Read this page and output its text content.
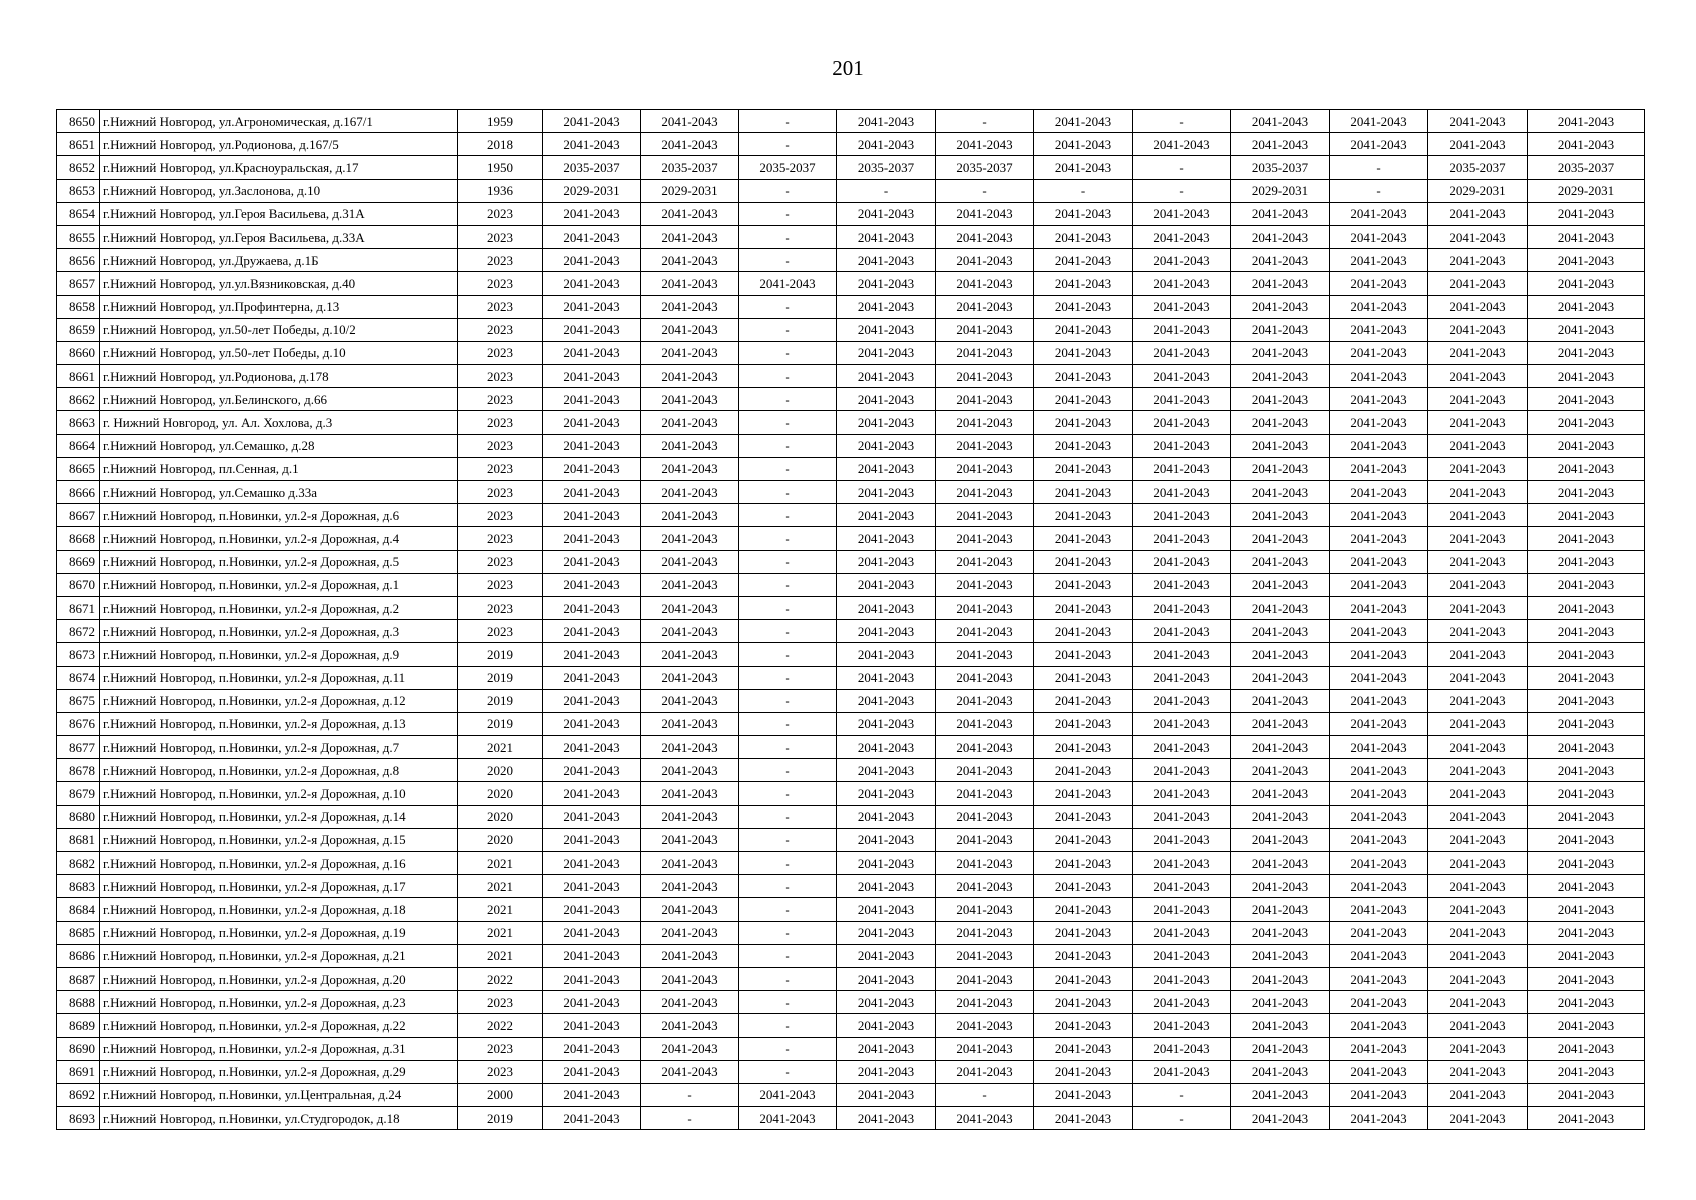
201
8650	г.Нижний Новгород, ул.Агрономическая, д.167/1	1959	2041-2043	2041-2043	-	2041-2043	-	2041-2043	-	2041-2043	2041-2043	2041-2043	2041-2043
8651	г.Нижний Новгород, ул.Родионова, д.167/5	2018	2041-2043	2041-2043	-	2041-2043	2041-2043	2041-2043	2041-2043	2041-2043	2041-2043	2041-2043	2041-2043
8652	г.Нижний Новгород, ул.Красноуральская, д.17	1950	2035-2037	2035-2037	2035-2037	2035-2037	2035-2037	2041-2043	-	2035-2037	-	2035-2037	2035-2037
8653	г.Нижний Новгород, ул.Заслонова, д.10	1936	2029-2031	2029-2031	-	-	-	-	-	2029-2031	-	2029-2031	2029-2031
8654	г.Нижний Новгород, ул.Героя Васильева, д.31А	2023	2041-2043	2041-2043	-	2041-2043	2041-2043	2041-2043	2041-2043	2041-2043	2041-2043	2041-2043	2041-2043
8655	г.Нижний Новгород, ул.Героя Васильева, д.33А	2023	2041-2043	2041-2043	-	2041-2043	2041-2043	2041-2043	2041-2043	2041-2043	2041-2043	2041-2043	2041-2043
8656	г.Нижний Новгород, ул.Дружаева, д.1Б	2023	2041-2043	2041-2043	-	2041-2043	2041-2043	2041-2043	2041-2043	2041-2043	2041-2043	2041-2043	2041-2043
8657	г.Нижний Новгород, ул.ул.Вязниковская, д.40	2023	2041-2043	2041-2043	2041-2043	2041-2043	2041-2043	2041-2043	2041-2043	2041-2043	2041-2043	2041-2043	2041-2043
8658	г.Нижний Новгород, ул.Профинтерна, д.13	2023	2041-2043	2041-2043	-	2041-2043	2041-2043	2041-2043	2041-2043	2041-2043	2041-2043	2041-2043	2041-2043
8659	г.Нижний Новгород, ул.50-лет Победы, д.10/2	2023	2041-2043	2041-2043	-	2041-2043	2041-2043	2041-2043	2041-2043	2041-2043	2041-2043	2041-2043	2041-2043
8660	г.Нижний Новгород, ул.50-лет Победы, д.10	2023	2041-2043	2041-2043	-	2041-2043	2041-2043	2041-2043	2041-2043	2041-2043	2041-2043	2041-2043	2041-2043
8661	г.Нижний Новгород, ул.Родионова, д.178	2023	2041-2043	2041-2043	-	2041-2043	2041-2043	2041-2043	2041-2043	2041-2043	2041-2043	2041-2043	2041-2043
8662	г.Нижний Новгород, ул.Белинского, д.66	2023	2041-2043	2041-2043	-	2041-2043	2041-2043	2041-2043	2041-2043	2041-2043	2041-2043	2041-2043	2041-2043
8663	г. Нижний Новгород, ул. Ал. Хохлова, д.3	2023	2041-2043	2041-2043	-	2041-2043	2041-2043	2041-2043	2041-2043	2041-2043	2041-2043	2041-2043	2041-2043
8664	г.Нижний Новгород, ул.Семашко, д.28	2023	2041-2043	2041-2043	-	2041-2043	2041-2043	2041-2043	2041-2043	2041-2043	2041-2043	2041-2043	2041-2043
8665	г.Нижний Новгород, пл.Сенная, д.1	2023	2041-2043	2041-2043	-	2041-2043	2041-2043	2041-2043	2041-2043	2041-2043	2041-2043	2041-2043	2041-2043
8666	г.Нижний Новгород, ул.Семашко д.33а	2023	2041-2043	2041-2043	-	2041-2043	2041-2043	2041-2043	2041-2043	2041-2043	2041-2043	2041-2043	2041-2043
8667	г.Нижний Новгород, п.Новинки, ул.2-я Дорожная, д.6	2023	2041-2043	2041-2043	-	2041-2043	2041-2043	2041-2043	2041-2043	2041-2043	2041-2043	2041-2043	2041-2043
8668	г.Нижний Новгород, п.Новинки, ул.2-я Дорожная, д.4	2023	2041-2043	2041-2043	-	2041-2043	2041-2043	2041-2043	2041-2043	2041-2043	2041-2043	2041-2043	2041-2043
8669	г.Нижний Новгород, п.Новинки, ул.2-я Дорожная, д.5	2023	2041-2043	2041-2043	-	2041-2043	2041-2043	2041-2043	2041-2043	2041-2043	2041-2043	2041-2043	2041-2043
8670	г.Нижний Новгород, п.Новинки, ул.2-я Дорожная, д.1	2023	2041-2043	2041-2043	-	2041-2043	2041-2043	2041-2043	2041-2043	2041-2043	2041-2043	2041-2043	2041-2043
8671	г.Нижний Новгород, п.Новинки, ул.2-я Дорожная, д.2	2023	2041-2043	2041-2043	-	2041-2043	2041-2043	2041-2043	2041-2043	2041-2043	2041-2043	2041-2043	2041-2043
8672	г.Нижний Новгород, п.Новинки, ул.2-я Дорожная, д.3	2023	2041-2043	2041-2043	-	2041-2043	2041-2043	2041-2043	2041-2043	2041-2043	2041-2043	2041-2043	2041-2043
8673	г.Нижний Новгород, п.Новинки, ул.2-я Дорожная, д.9	2019	2041-2043	2041-2043	-	2041-2043	2041-2043	2041-2043	2041-2043	2041-2043	2041-2043	2041-2043	2041-2043
8674	г.Нижний Новгород, п.Новинки, ул.2-я Дорожная, д.11	2019	2041-2043	2041-2043	-	2041-2043	2041-2043	2041-2043	2041-2043	2041-2043	2041-2043	2041-2043	2041-2043
8675	г.Нижний Новгород, п.Новинки, ул.2-я Дорожная, д.12	2019	2041-2043	2041-2043	-	2041-2043	2041-2043	2041-2043	2041-2043	2041-2043	2041-2043	2041-2043	2041-2043
8676	г.Нижний Новгород, п.Новинки, ул.2-я Дорожная, д.13	2019	2041-2043	2041-2043	-	2041-2043	2041-2043	2041-2043	2041-2043	2041-2043	2041-2043	2041-2043	2041-2043
8677	г.Нижний Новгород, п.Новинки, ул.2-я Дорожная, д.7	2021	2041-2043	2041-2043	-	2041-2043	2041-2043	2041-2043	2041-2043	2041-2043	2041-2043	2041-2043	2041-2043
8678	г.Нижний Новгород, п.Новинки, ул.2-я Дорожная, д.8	2020	2041-2043	2041-2043	-	2041-2043	2041-2043	2041-2043	2041-2043	2041-2043	2041-2043	2041-2043	2041-2043
8679	г.Нижний Новгород, п.Новинки, ул.2-я Дорожная, д.10	2020	2041-2043	2041-2043	-	2041-2043	2041-2043	2041-2043	2041-2043	2041-2043	2041-2043	2041-2043	2041-2043
8680	г.Нижний Новгород, п.Новинки, ул.2-я Дорожная, д.14	2020	2041-2043	2041-2043	-	2041-2043	2041-2043	2041-2043	2041-2043	2041-2043	2041-2043	2041-2043	2041-2043
8681	г.Нижний Новгород, п.Новинки, ул.2-я Дорожная, д.15	2020	2041-2043	2041-2043	-	2041-2043	2041-2043	2041-2043	2041-2043	2041-2043	2041-2043	2041-2043	2041-2043
8682	г.Нижний Новгород, п.Новинки, ул.2-я Дорожная, д.16	2021	2041-2043	2041-2043	-	2041-2043	2041-2043	2041-2043	2041-2043	2041-2043	2041-2043	2041-2043	2041-2043
8683	г.Нижний Новгород, п.Новинки, ул.2-я Дорожная, д.17	2021	2041-2043	2041-2043	-	2041-2043	2041-2043	2041-2043	2041-2043	2041-2043	2041-2043	2041-2043	2041-2043
8684	г.Нижний Новгород, п.Новинки, ул.2-я Дорожная, д.18	2021	2041-2043	2041-2043	-	2041-2043	2041-2043	2041-2043	2041-2043	2041-2043	2041-2043	2041-2043	2041-2043
8685	г.Нижний Новгород, п.Новинки, ул.2-я Дорожная, д.19	2021	2041-2043	2041-2043	-	2041-2043	2041-2043	2041-2043	2041-2043	2041-2043	2041-2043	2041-2043	2041-2043
8686	г.Нижний Новгород, п.Новинки, ул.2-я Дорожная, д.21	2021	2041-2043	2041-2043	-	2041-2043	2041-2043	2041-2043	2041-2043	2041-2043	2041-2043	2041-2043	2041-2043
8687	г.Нижний Новгород, п.Новинки, ул.2-я Дорожная, д.20	2022	2041-2043	2041-2043	-	2041-2043	2041-2043	2041-2043	2041-2043	2041-2043	2041-2043	2041-2043	2041-2043
8688	г.Нижний Новгород, п.Новинки, ул.2-я Дорожная, д.23	2023	2041-2043	2041-2043	-	2041-2043	2041-2043	2041-2043	2041-2043	2041-2043	2041-2043	2041-2043	2041-2043
8689	г.Нижний Новгород, п.Новинки, ул.2-я Дорожная, д.22	2022	2041-2043	2041-2043	-	2041-2043	2041-2043	2041-2043	2041-2043	2041-2043	2041-2043	2041-2043	2041-2043
8690	г.Нижний Новгород, п.Новинки, ул.2-я Дорожная, д.31	2023	2041-2043	2041-2043	-	2041-2043	2041-2043	2041-2043	2041-2043	2041-2043	2041-2043	2041-2043	2041-2043
8691	г.Нижний Новгород, п.Новинки, ул.2-я Дорожная, д.29	2023	2041-2043	2041-2043	-	2041-2043	2041-2043	2041-2043	2041-2043	2041-2043	2041-2043	2041-2043	2041-2043
8692	г.Нижний Новгород, п.Новинки, ул.Центральная, д.24	2000	2041-2043	-	2041-2043	2041-2043	-	2041-2043	-	2041-2043	2041-2043	2041-2043	2041-2043
8693	г.Нижний Новгород, п.Новинки, ул.Студгородок, д.18	2019	2041-2043	-	2041-2043	2041-2043	2041-2043	2041-2043	-	2041-2043	2041-2043	2041-2043	2041-2043
